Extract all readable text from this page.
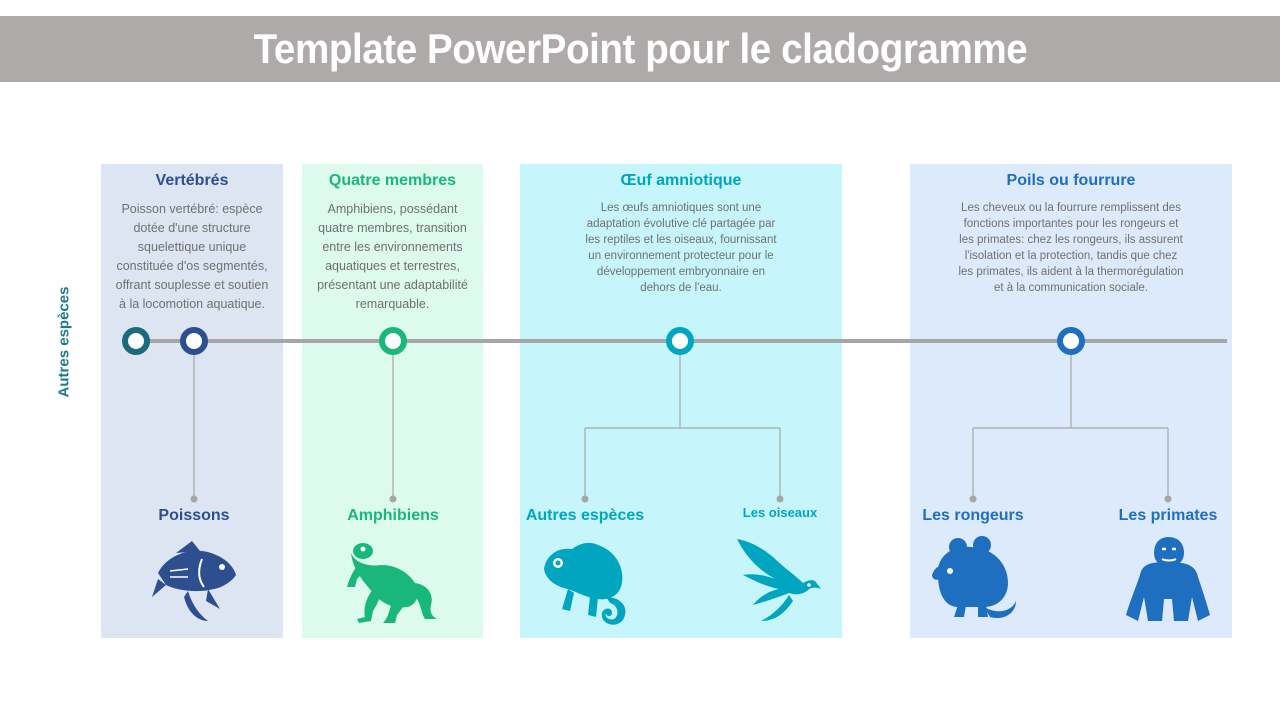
Template PowerPoint pour le cladogramme
Autres espèces
Vertébrés
Poisson vertébré: espèce dotée d'une structure squelettique unique constituée d'os segmentés, offrant souplesse et soutien à la locomotion aquatique.
Quatre membres
Amphibiens, possédant quatre membres, transition entre les environnements aquatiques et terrestres, présentant une adaptabilité remarquable.
Œuf amniotique
Les œufs amniotiques sont une adaptation évolutive clé partagée par les reptiles et les oiseaux, fournissant un environnement protecteur pour le développement embryonnaire en dehors de l'eau.
Poils ou fourrure
Les cheveux ou la fourrure remplissent des fonctions importantes pour les rongeurs et les primates: chez les rongeurs, ils assurent l'isolation et la protection, tandis que chez les primates, ils aident à la thermorégulation et à la communication sociale.
Poissons	Amphibiens	Autres espèces	Les oiseaux	Les rongeurs	Les primates
